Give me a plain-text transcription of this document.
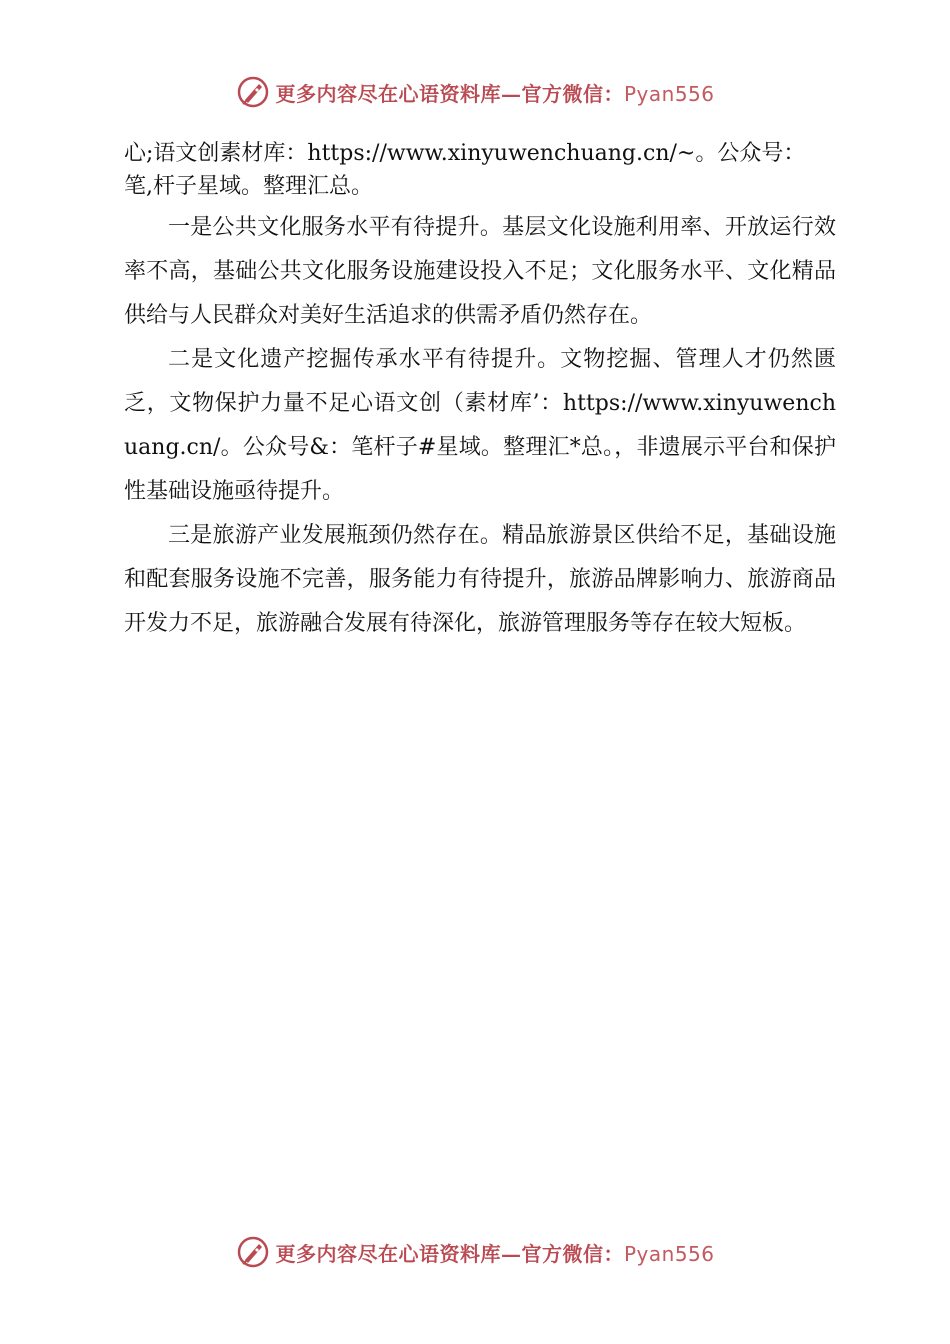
更多内容尽在心语资料库—官方微信：Pyan556

心;语文创素材库：https://www.xinyuwenchuang.cn/~。公众号：

笔,杆子星域。整理汇总。

一是公共文化服务水平有待提升。基层文化设施利用率、开放运行效率不高，基础公共文化服务设施建设投入不足；文化服务水平、文化精品供给与人民群众对美好生活追求的供需矛盾仍然存在。

二是文化遗产挖掘传承水平有待提升。文物挖掘、管理人才仍然匮乏，文物保护力量不足心语文创（素材库’：https://www.xinyuwenchuang.cn/。公众号&：笔杆子#星域。整理汇*总。，非遗展示平台和保护性基础设施亟待提升。

三是旅游产业发展瓶颈仍然存在。精品旅游景区供给不足，基础设施和配套服务设施不完善，服务能力有待提升，旅游品牌影响力、旅游商品开发力不足，旅游融合发展有待深化，旅游管理服务等存在较大短板。

更多内容尽在心语资料库—官方微信：Pyan556
